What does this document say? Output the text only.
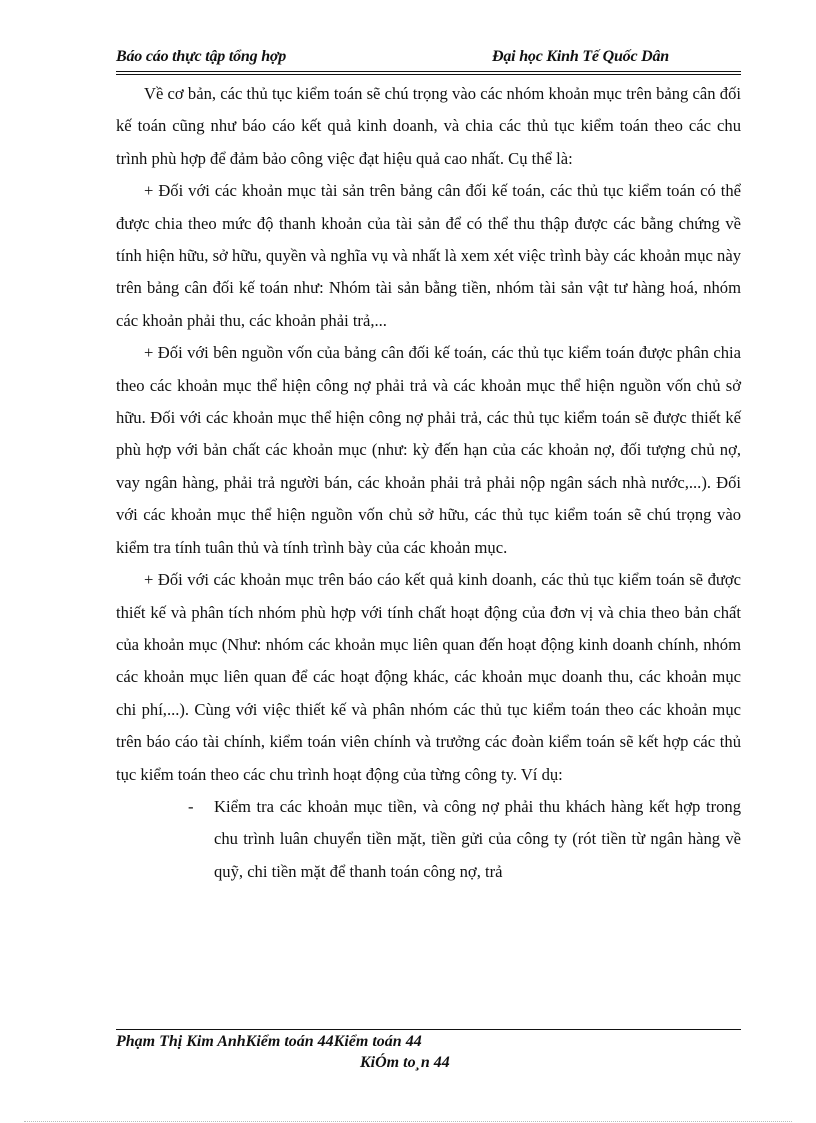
Báo cáo thực tập tổng hợp	Đại học Kinh Tế Quốc Dân

Về cơ bản, các thủ tục kiểm toán sẽ chú trọng vào các nhóm khoản mục trên bảng cân đối kế toán cũng như báo cáo kết quả kinh doanh, và chia các thủ tục kiểm toán theo các chu trình phù hợp để đảm bảo công việc đạt hiệu quả cao nhất. Cụ thể là:

+ Đối với các khoản mục tài sản trên bảng cân đối kế toán, các thủ tục kiểm toán có thể được chia theo mức độ thanh khoản của tài sản để có thể thu thập được các bằng chứng về tính hiện hữu, sở hữu, quyền và nghĩa vụ và nhất là xem xét việc trình bày các khoản mục này trên bảng cân đối kế toán như: Nhóm tài sản bằng tiền, nhóm tài sản vật tư hàng hoá, nhóm các khoản phải thu, các khoản phải trả,...

+ Đối với bên nguồn vốn của bảng cân đối kế toán, các thủ tục kiểm toán được phân chia theo các khoản mục thể hiện công nợ phải trả và các khoản mục thể hiện nguồn vốn chủ sở hữu. Đối với các khoản mục thể hiện công nợ phải trả, các thủ tục kiểm toán sẽ được thiết kế phù hợp với bản chất các khoản mục (như: kỳ đến hạn của các khoản nợ, đối tượng chủ nợ, vay ngân hàng, phải trả người bán, các khoản phải trả phải nộp ngân sách nhà nước,...). Đối với các khoản mục thể hiện nguồn vốn chủ sở hữu, các thủ tục kiểm toán sẽ chú trọng vào kiểm tra tính tuân thủ và tính trình bày của các khoản mục.

+ Đối với các khoản mục trên báo cáo kết quả kinh doanh, các thủ tục kiểm toán sẽ được thiết kế và phân tích nhóm phù hợp với tính chất hoạt động của đơn vị và chia theo bản chất của khoản mục (Như: nhóm các khoản mục liên quan đến hoạt động kinh doanh chính, nhóm các khoản mục liên quan để các hoạt động khác, các khoản mục doanh thu, các khoản mục chi phí,...). Cùng với việc thiết kế và phân nhóm các thủ tục kiểm toán theo các khoản mục trên báo cáo tài chính, kiểm toán viên chính và trưởng các đoàn kiểm toán sẽ kết hợp các thủ tục kiểm toán theo các chu trình hoạt động của từng công ty. Ví dụ:

- Kiểm tra các khoản mục tiền, và công nợ phải thu khách hàng kết hợp trong chu trình luân chuyển tiền mặt, tiền gửi của công ty (rót tiền từ ngân hàng về quỹ, chi tiền mặt để thanh toán công nợ, trả
Phạm Thị Kim AnhKiểm toán 44Kiểm toán 44
KiÓm to¸n 44
